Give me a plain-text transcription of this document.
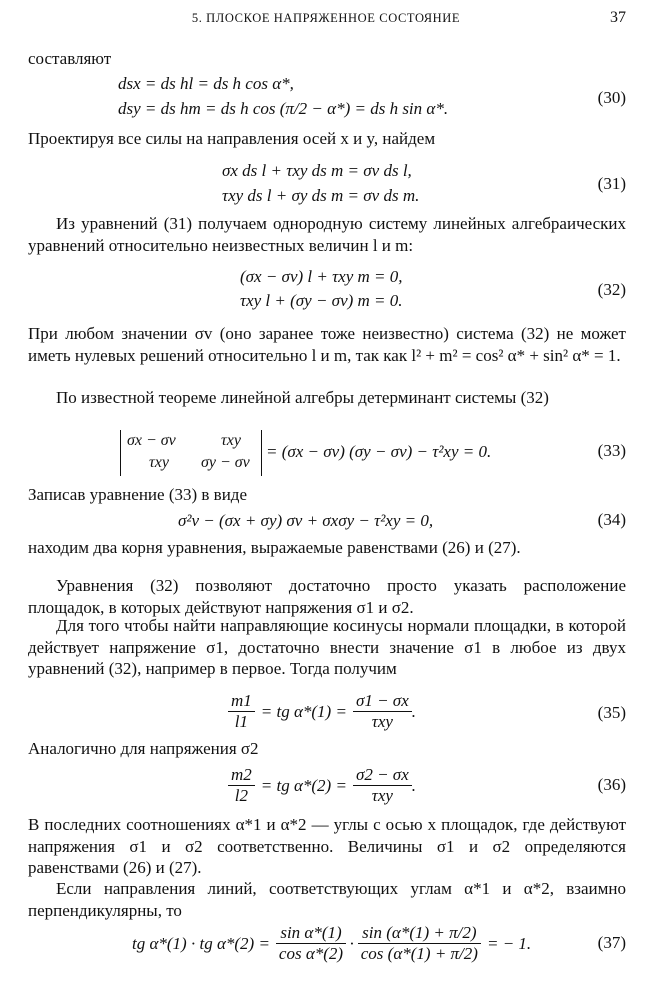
5. ПЛОСКОЕ НАПРЯЖЕННОЕ СОСТОЯНИЕ	37
составляют
dsx = ds hl = ds h cos α*,
dsy = ds hm = ds h cos (π/2 − α*) = ds h sin α*.
(30)
Проектируя все силы на направления осей x и y, найдем
σx ds l + τxy ds m = σv ds l,
τxy ds l + σy ds m = σv ds m.
(31)
Из уравнений (31) получаем однородную систему линейных алгебраических уравнений относительно неизвестных величин l и m:
(σx − σv) l + τxy m = 0,
τxy l + (σy − σv) m = 0.
(32)
При любом значении σv (оно заранее тоже неизвестно) система (32) не может иметь нулевых решений относительно l и m, так как l² + m² = cos² α* + sin² α* = 1.
По известной теореме линейной алгебры детерминант системы (32)
σx − σv	τxy
τxy σy − σv
= (σx − σv) (σy − σv) − τ²xy = 0.	(33)
Записав уравнение (33) в виде
σ²v − (σx + σy) σv + σxσy − τ²xy = 0,	(34)
находим два корня уравнения, выражаемые равенствами (26) и (27).
Уравнения (32) позволяют достаточно просто указать расположение площадок, в которых действуют напряжения σ1 и σ2.
Для того чтобы найти направляющие косинусы нормали площадки, в которой действует напряжение σ1, достаточно внести значение σ1 в любое из двух уравнений (32), например в первое. Тогда получим
$\frac{m1}{l1}$ = tg $\alpha*(1) = \frac{\sigma 1 - \sigma x}{\text{τxy}}$ .	(35)
Аналогично для напряжения σ2
$\frac{m2}{l2}$ = tg $\alpha*(2) = \frac{\sigma 2 - \sigma x}{\text{τxy}}$ .	(36)
В последних соотношениях α*1 и α*2 — углы с осью x площадок, где действуют напряжения σ1 и σ2 соответственно. Величины σ1 и σ2 определяются равенствами (26) и (27).
Если направления линий, соответствующих углам α*1 и α*2, взаимно перпендикулярны, то
tg α*(1) · tg $\alpha*(2) = \frac{\text{sin α*(1)}}{\text{cos α*(2)}} \cdot \frac{\sin (\alpha*(1) + \pi/2)}{\cos (\alpha*(1) + \pi/2)}$ = − 1.	(37)
